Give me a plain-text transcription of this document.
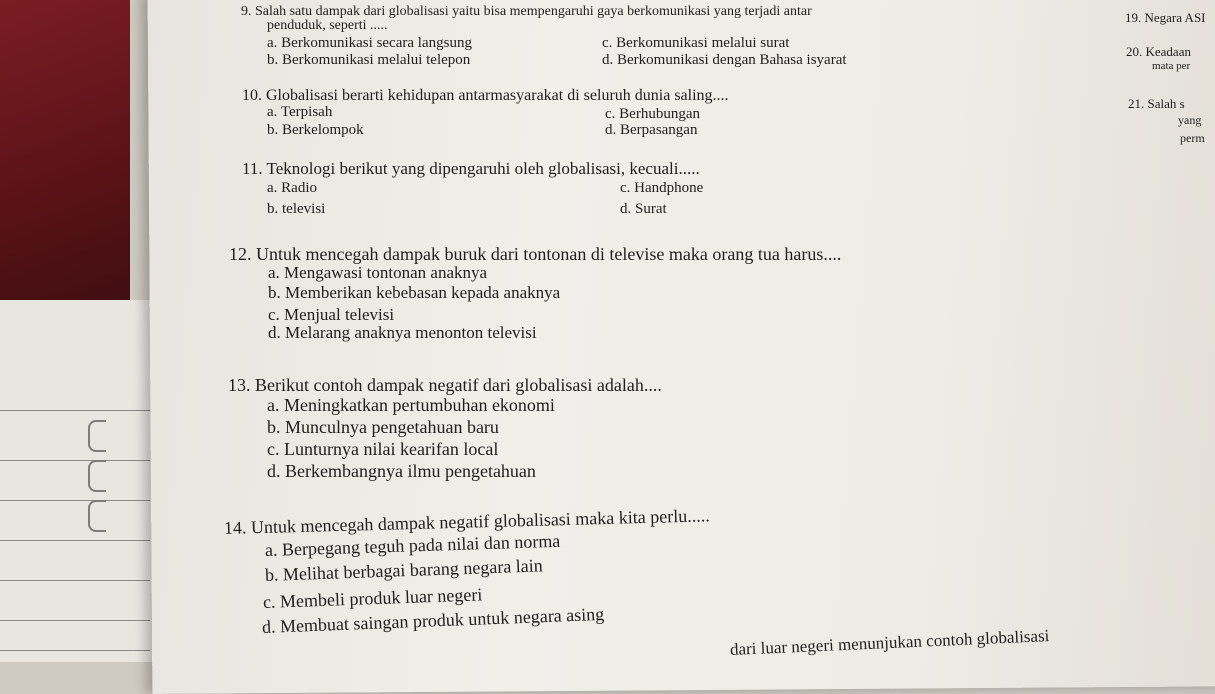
9. Salah satu dampak dari globalisasi yaitu bisa mempengaruhi gaya berkomunikasi yang terjadi antar
penduduk, seperti .....
a. Berkomunikasi secara langsung
b. Berkomunikasi melalui telepon
c. Berkomunikasi melalui surat
d. Berkomunikasi dengan Bahasa isyarat
10. Globalisasi berarti kehidupan antarmasyarakat di seluruh dunia saling....
a. Terpisah
b. Berkelompok
c. Berhubungan
d. Berpasangan
11. Teknologi berikut yang dipengaruhi oleh globalisasi, kecuali.....
a. Radio
b. televisi
c. Handphone
d. Surat
12. Untuk mencegah dampak buruk dari tontonan di televise maka orang tua harus....
a. Mengawasi tontonan anaknya
b. Memberikan kebebasan kepada anaknya
c. Menjual televisi
d. Melarang anaknya menonton televisi
13. Berikut contoh dampak negatif dari globalisasi adalah....
a. Meningkatkan pertumbuhan ekonomi
b. Munculnya pengetahuan baru
c. Lunturnya nilai kearifan local
d. Berkembangnya ilmu pengetahuan
14. Untuk mencegah dampak negatif globalisasi maka kita perlu.....
a. Berpegang teguh pada nilai dan norma
b. Melihat berbagai barang negara lain
c. Membeli produk luar negeri
d. Membuat saingan produk untuk negara asing
19. Negara ASI
20. Keadaan
mata per
21. Salah s
yang
perm
dari luar negeri menunjukan contoh globalisasi
